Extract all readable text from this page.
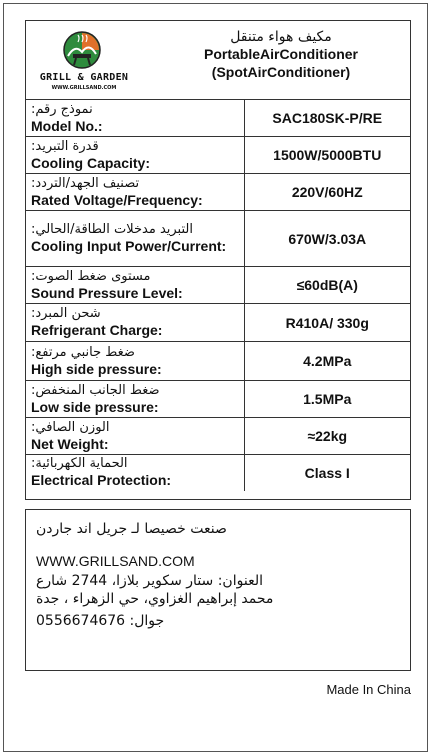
GRILL & GARDEN
WWW.GRILLSAND.COM
مكيف هواء متنقل
PortableAirConditioner
(SpotAirConditioner)
نموذج رقم:
Model No.:	SAC180SK-P/RE

قدرة التبريد:
Cooling Capacity:	1500W/5000BTU

تصنيف الجهد/التردد:
Rated Voltage/Frequency:	220V/60HZ

التبريد مدخلات الطاقة/الحالي:
Cooling Input Power/Current:	670W/3.03A

مستوى ضغط الصوت:
Sound Pressure Level:	≤60dB(A)

شحن المبرد:
Refrigerant Charge:	R410A/ 330g

ضغط جانبي مرتفع:
High side pressure:	4.2MPa

ضغط الجانب المنخفض:
Low side pressure:	1.5MPa

الوزن الصافي:
Net Weight:	≈22kg

الحماية الكهربائية:
Electrical Protection:	Class I
صنعت خصيصا لـ جريل اند جاردن
WWW.GRILLSAND.COM
العنوان: ستار سكوير بلازا، 2744 شارع محمد إبراهيم الغزاوي، حي الزهراء ، جدة
جوال: 0556674676
Made In China
